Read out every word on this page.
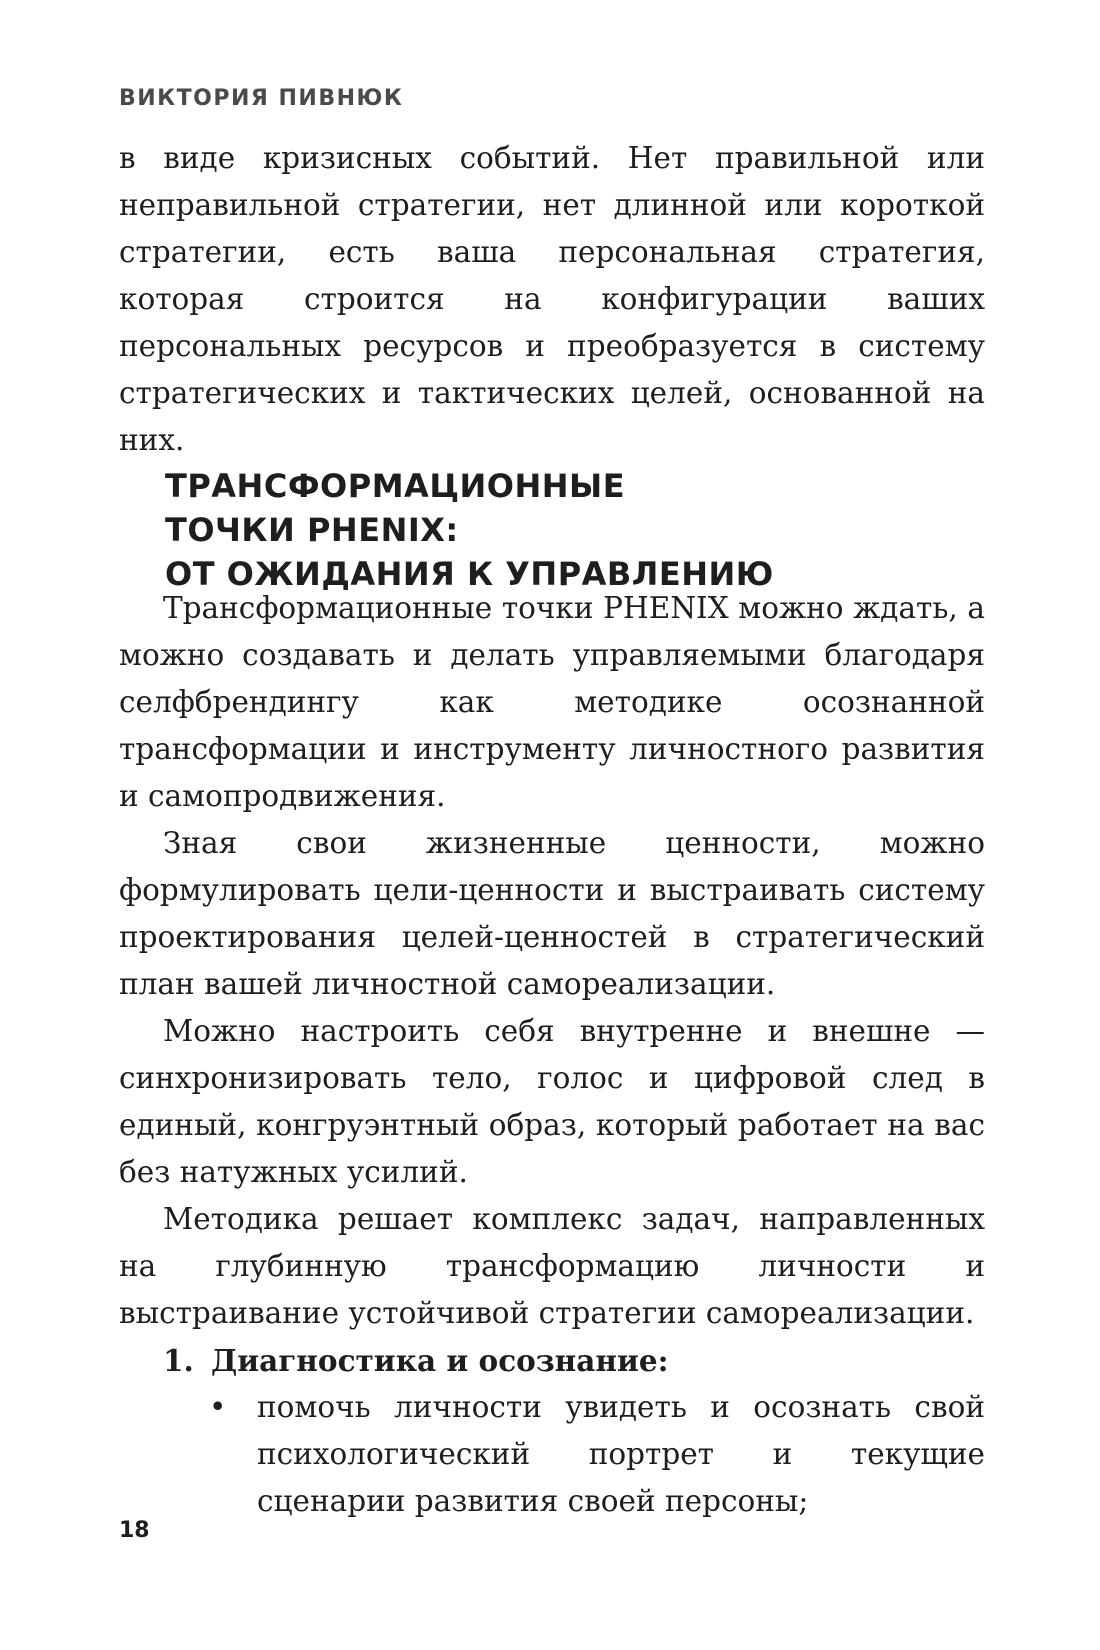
ВИКТОРИЯ ПИВНЮК

в виде кризисных событий. Нет правильной или неправильной стратегии, нет длинной или короткой стратегии, есть ваша персональная стратегия, которая строится на конфигурации ваших персональных ресурсов и преобразуется в систему стратегических и тактических целей, основанной на них.

ТРАНСФОРМАЦИОННЫЕ
ТОЧКИ PHENIX:
ОТ ОЖИДАНИЯ К УПРАВЛЕНИЮ

Трансформационные точки PHENIX можно ждать, а можно создавать и делать управляемыми благодаря селфбрендингу как методике осознанной трансформации и инструменту личностного развития и самопродвижения.

Зная свои жизненные ценности, можно формулировать цели-ценности и выстраивать систему проектирования целей-ценностей в стратегический план вашей личностной самореализации.

Можно настроить себя внутренне и внешне — синхронизировать тело, голос и цифровой след в единый, конгруэнтный образ, который работает на вас без натужных усилий.

Методика решает комплекс задач, направленных на глубинную трансформацию личности и выстраивание устойчивой стратегии самореализации.

1. Диагностика и осознание:
•	помочь личности увидеть и осознать свой психологический портрет и текущие сценарии развития своей персоны;
18
